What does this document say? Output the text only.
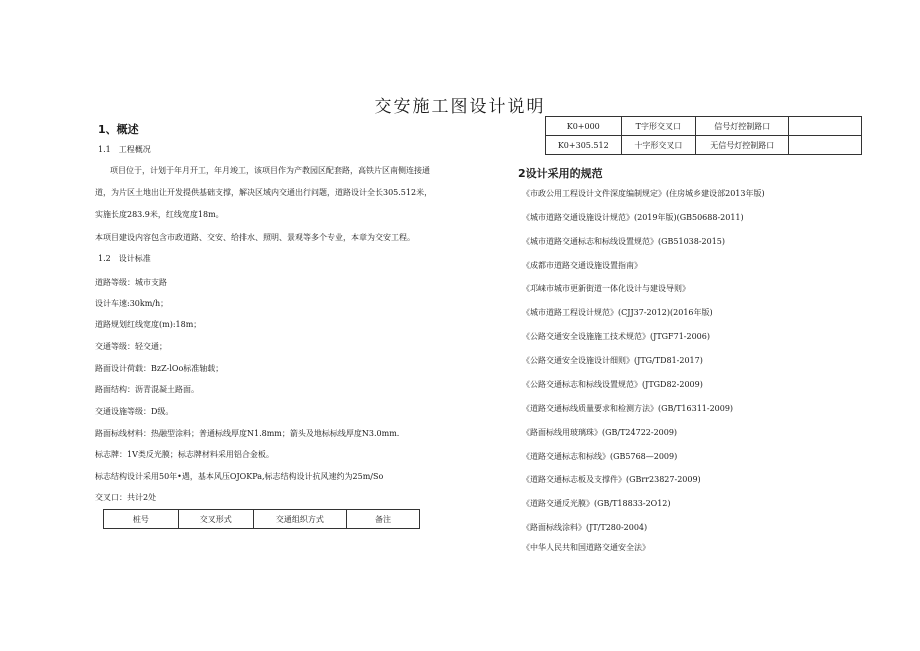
交安施工图设计说明
1、概述
1.1　工程概况
项目位于，计划于年月开工，年月竣工，该项目作为产教园区配套路，高铁片区南侧连接通
道，为片区土地出让开发提供基础支撑，解决区域内交通出行问题，道路设计全长305.512米，
实施长度283.9米，红线宽度18m。
本项目建设内容包含市政道路、交安、给排水、照明、景观等多个专业，本章为交安工程。
1.2　设计标准
道路等级：城市支路
设计车速:30km/h；
道路规划红线宽度(m):18m；
交通等级：轻交通；
路面设计荷载：BzZ-lOo标准轴载；
路面结构：沥青混凝土路面。
交通设施等级：D级。
路面标线材料：热融型涂料；普通标线厚度N1.8mm；箭头及地标标线厚度N3.0mm.
标志牌：1V类反光膜；标志牌材料采用铝合金板。
标志结构设计采用50年•遇，基本风压OJOKPa,标志结构设计抗风速约为25m/So
交叉口：共计2处
桩号	交叉形式	交通组织方式	备注
K0+000	T字形交叉口	信号灯控制路口	
K0+305.512	十字形交叉口	无信号灯控制路口	
2设计采用的规范
《市政公用工程设计文件深度编制规定》(住房城乡建设部2013年版)
《城市道路交通设施设计规范》(2019年版)(GB50688-2011)
《城市道路交通标志和标线设置规范》(GB51038-2015)
《成都市道路交通设施设置指南》
《邛崃市城市更新街道一体化设计与建设导则》
《城市道路工程设计规范》(CJJ37-2012)(2016年版)
《公路交通安全设施施工技术规范》(JTGF71-2006)
《公路交通安全设施设计细则》(JTG/TD81-2017)
《公路交通标志和标线设置规范》(JTGD82-2009)
《道路交通标线质量要求和检测方法》(GB/T16311-2009)
《路面标线用玻璃珠》(GB/T24722-2009)
《道路交通标志和标线》(GB5768—2009)
《道路交通标志板及支撑件》(GBrr23827-2009)
《道路交通反光膜》(GB/T18833-2O12)
《路面标线涂料》(JT/T280-2004)
《中华人民共和国道路交通安全法》
